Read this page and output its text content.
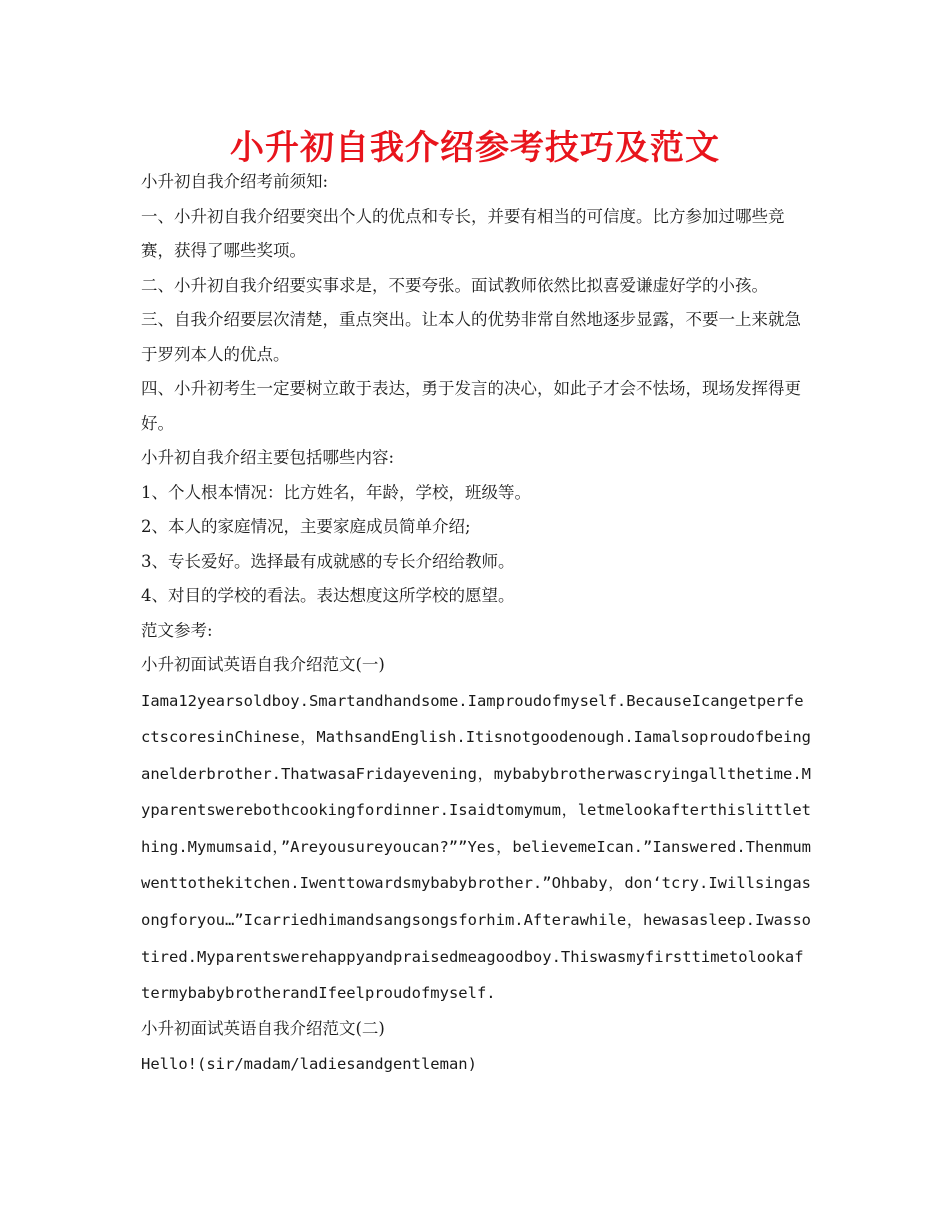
小升初自我介绍参考技巧及范文

小升初自我介绍考前须知:

一、小升初自我介绍要突出个人的优点和专长，并要有相当的可信度。比方参加过哪些竞赛，获得了哪些奖项。

二、小升初自我介绍要实事求是，不要夸张。面试教师依然比拟喜爱谦虚好学的小孩。

三、自我介绍要层次清楚，重点突出。让本人的优势非常自然地逐步显露，不要一上来就急于罗列本人的优点。

四、小升初考生一定要树立敢于表达，勇于发言的决心，如此子才会不怯场，现场发挥得更好。

小升初自我介绍主要包括哪些内容:

1、个人根本情况：比方姓名，年龄，学校，班级等。

2、本人的家庭情况，主要家庭成员简单介绍;

3、专长爱好。选择最有成就感的专长介绍给教师。

4、对目的学校的看法。表达想度这所学校的愿望。

范文参考:

小升初面试英语自我介绍范文(一)

Iama12yearsoldboy.Smartandhandsome.Iamproudofmyself.BecauseIcangetperfectscoresinChinese，MathsandEnglish.Itisnotgoodenough.Iamalsoproudofbeinganelderbrother.ThatwasaFridayevening，mybabybrotherwascryingallthetime.Myparentswerebothcookingfordinner.Isaidtomymum，letmelookafterthislittlething.Mymumsaid，”Areyousureyoucan?””Yes，believemeIcan.”Ianswered.Thenmumwenttothekitchen.Iwenttowardsmybabybrother.”Ohbaby，don‘tcry.Iwillsingasongforyou…”Icarriedhimandsangsongsforhim.Afterawhile，hewasasleep.Iwassotired.Myparentswerehappyandpraisedmeagoodboy.ThiswasmyfirsttimetolookaftermybabybrotherandIfeelproudofmyself.

小升初面试英语自我介绍范文(二)

Hello!(sir/madam/ladiesandgentleman)
